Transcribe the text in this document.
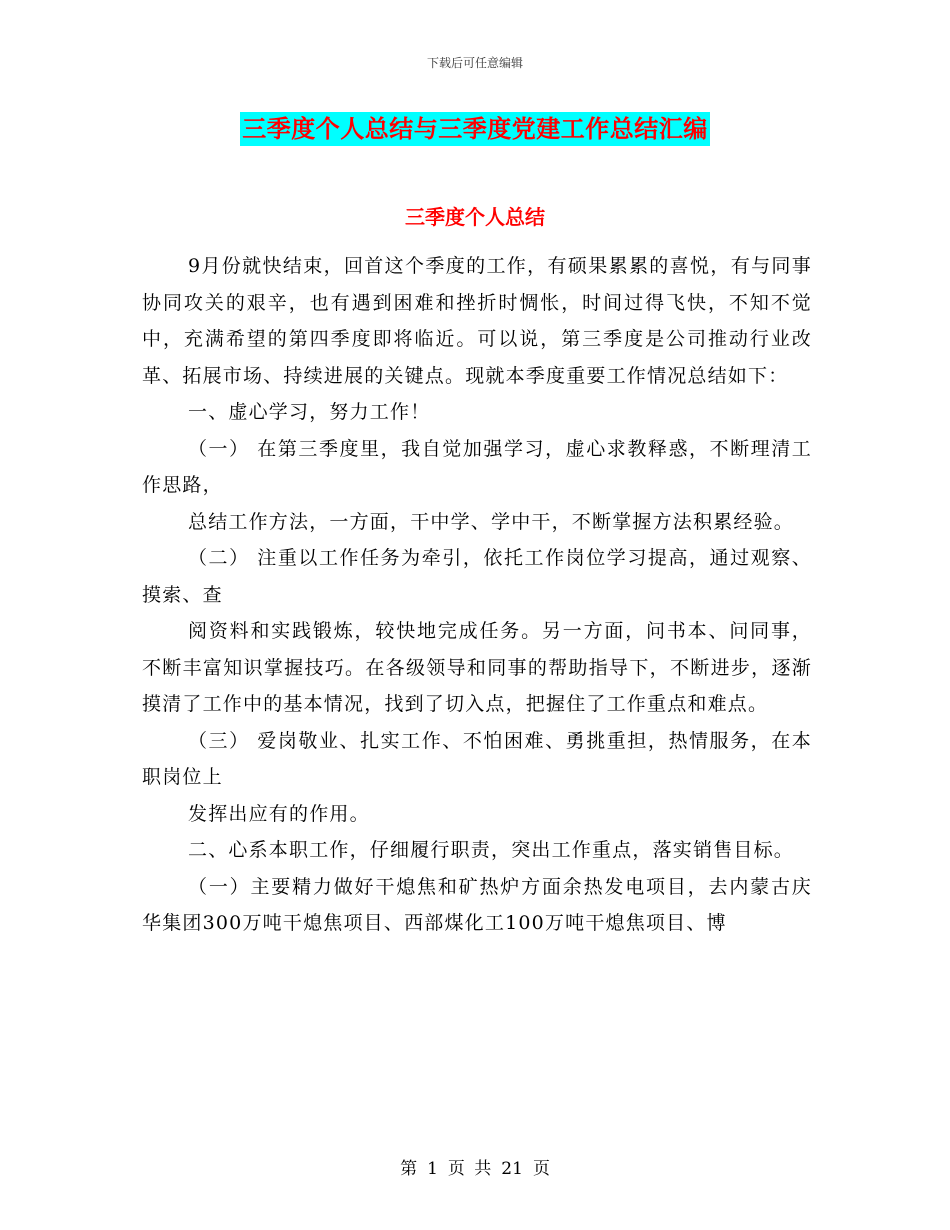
下载后可任意编辑
三季度个人总结与三季度党建工作总结汇编
三季度个人总结

9月份就快结束，回首这个季度的工作，有硕果累累的喜悦，有与同事协同攻关的艰辛，也有遇到困难和挫折时惆怅，时间过得飞快，不知不觉中，充满希望的第四季度即将临近。可以说，第三季度是公司推动行业改革、拓展市场、持续进展的关键点。现就本季度重要工作情况总结如下：

一、虚心学习，努力工作！

（一） 在第三季度里，我自觉加强学习，虚心求教释惑，不断理清工作思路，

总结工作方法，一方面，干中学、学中干，不断掌握方法积累经验。

（二） 注重以工作任务为牵引，依托工作岗位学习提高，通过观察、摸索、查

阅资料和实践锻炼，较快地完成任务。另一方面，问书本、问同事，不断丰富知识掌握技巧。在各级领导和同事的帮助指导下，不断进步，逐渐摸清了工作中的基本情况，找到了切入点，把握住了工作重点和难点。

（三） 爱岗敬业、扎实工作、不怕困难、勇挑重担，热情服务，在本职岗位上

发挥出应有的作用。

二、心系本职工作，仔细履行职责，突出工作重点，落实销售目标。

（一）主要精力做好干熄焦和矿热炉方面余热发电项目，去内蒙古庆华集团300万吨干熄焦项目、西部煤化工100万吨干熄焦项目、博

第 1 页 共 21 页
